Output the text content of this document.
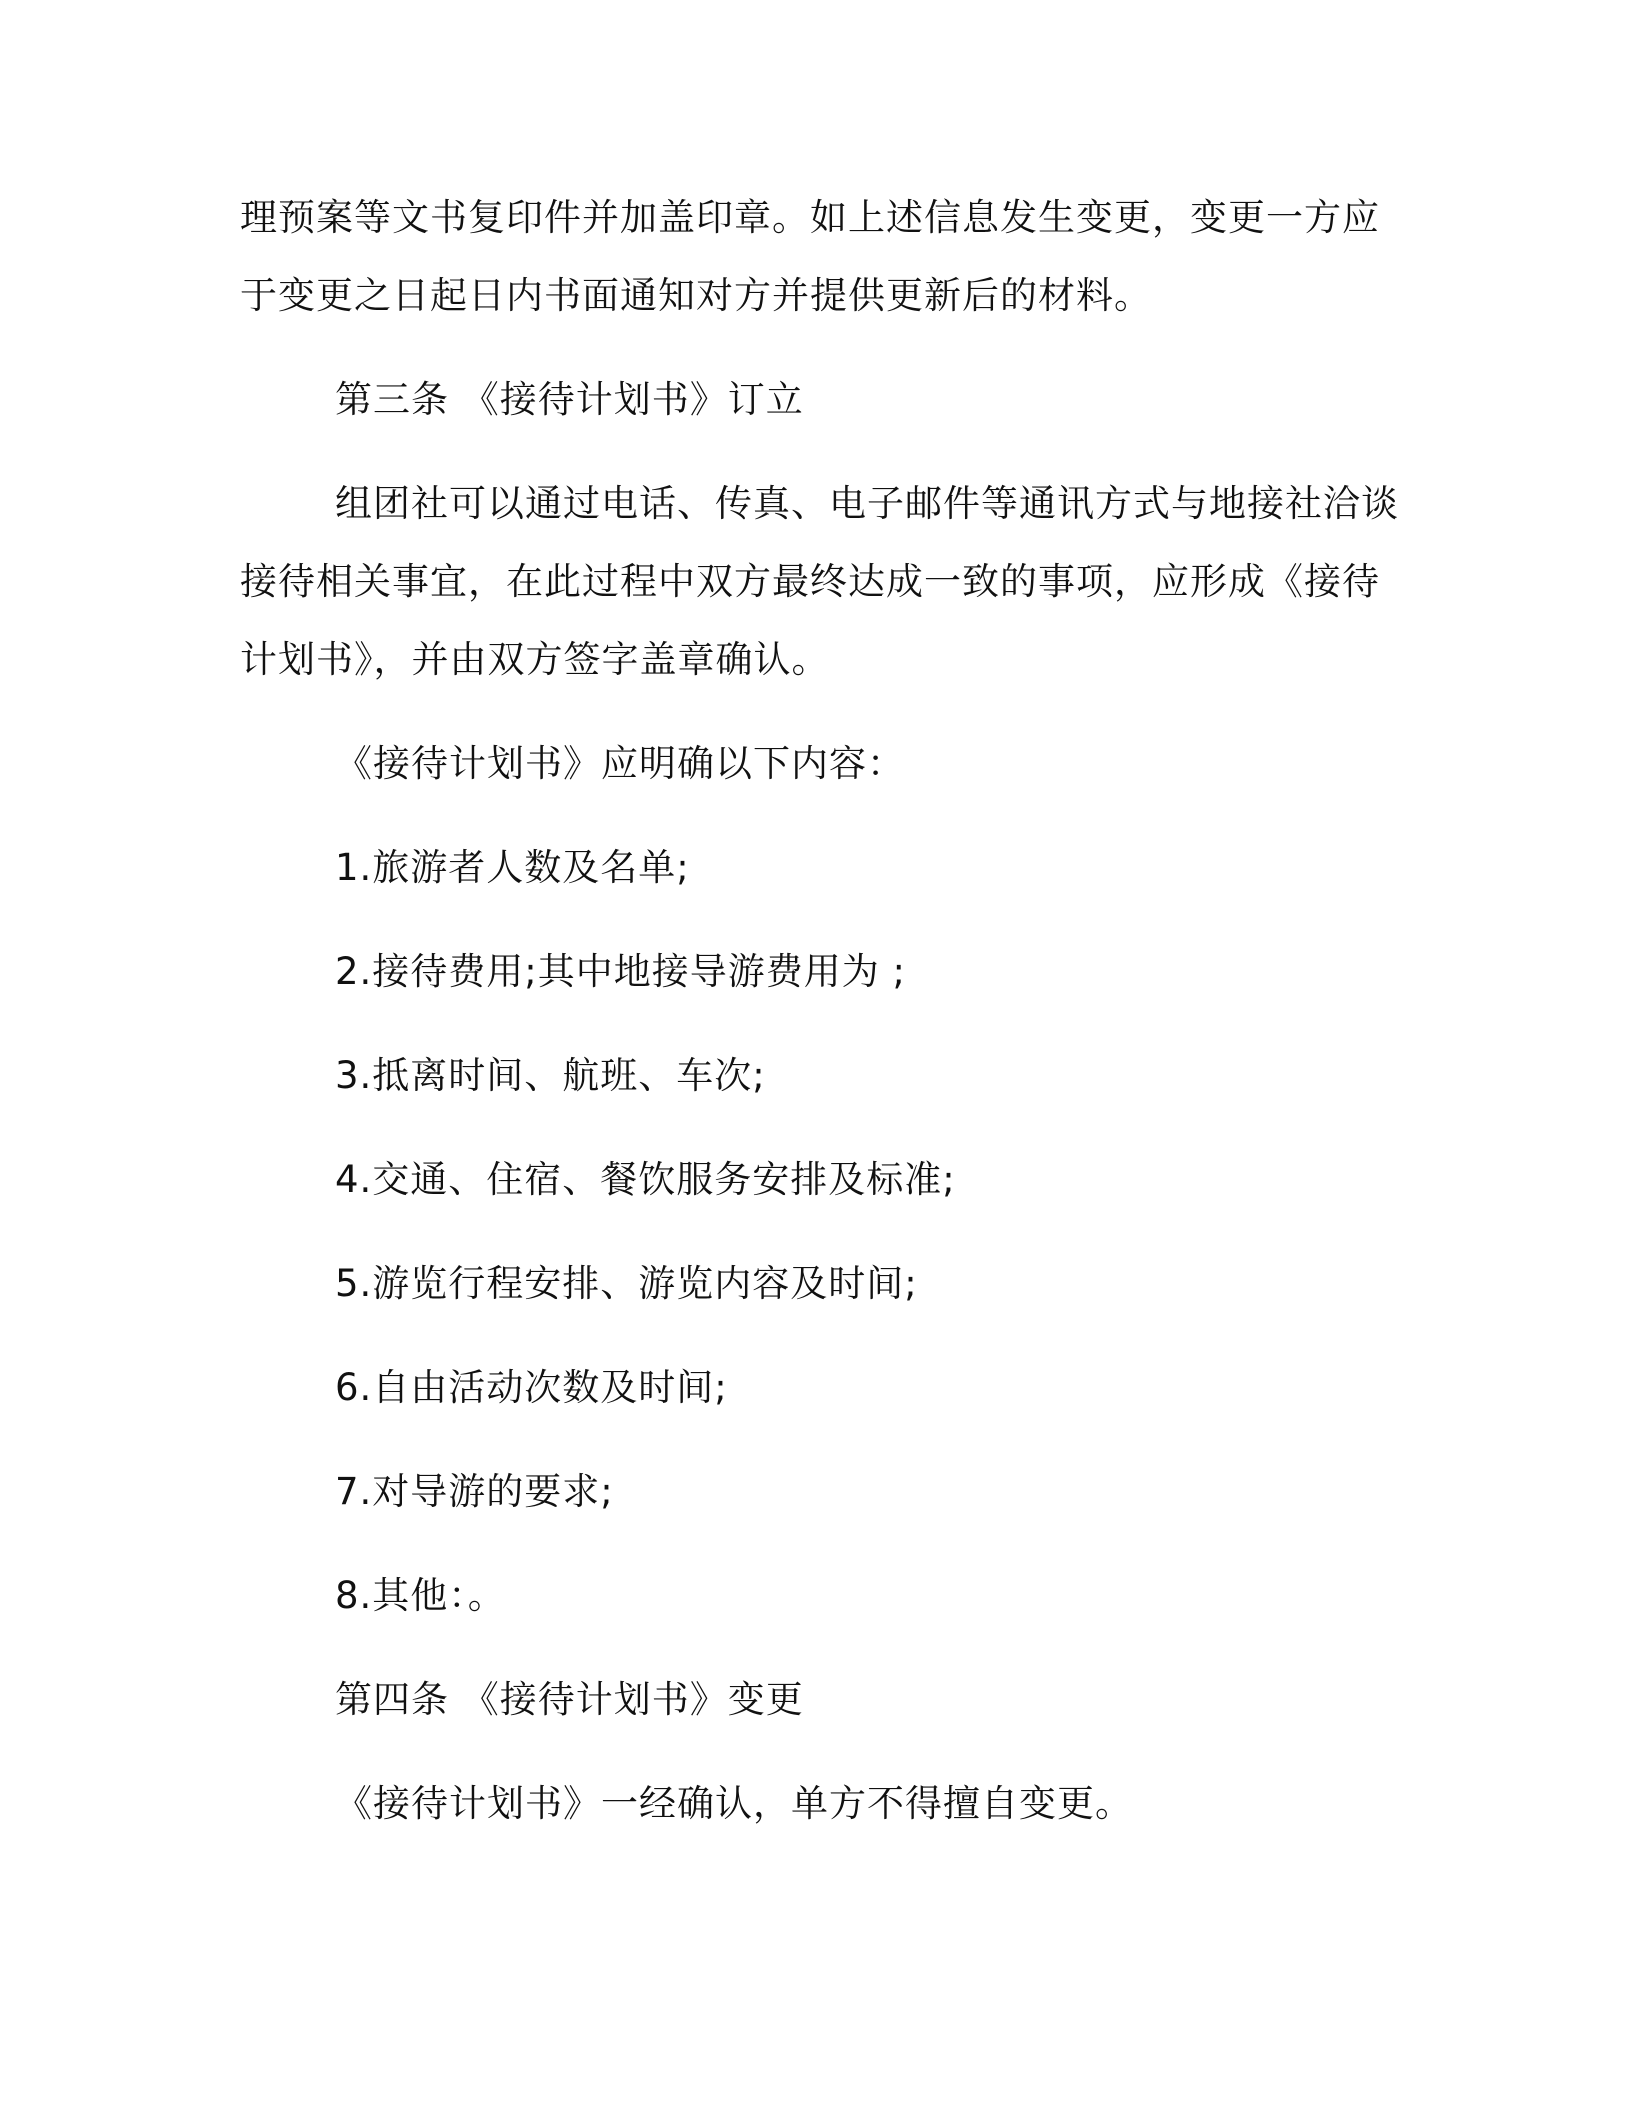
理预案等文书复印件并加盖印章。如上述信息发生变更，变更一方应
于变更之日起日内书面通知对方并提供更新后的材料。
第三条 《接待计划书》订立
组团社可以通过电话、传真、电子邮件等通讯方式与地接社洽谈
接待相关事宜，在此过程中双方最终达成一致的事项，应形成《接待
计划书》，并由双方签字盖章确认。
《接待计划书》应明确以下内容：
1.旅游者人数及名单;
2.接待费用;其中地接导游费用为 ;
3.抵离时间、航班、车次;
4.交通、住宿、餐饮服务安排及标准;
5.游览行程安排、游览内容及时间;
6.自由活动次数及时间;
7.对导游的要求;
8.其他：。
第四条 《接待计划书》变更
《接待计划书》一经确认，单方不得擅自变更。
